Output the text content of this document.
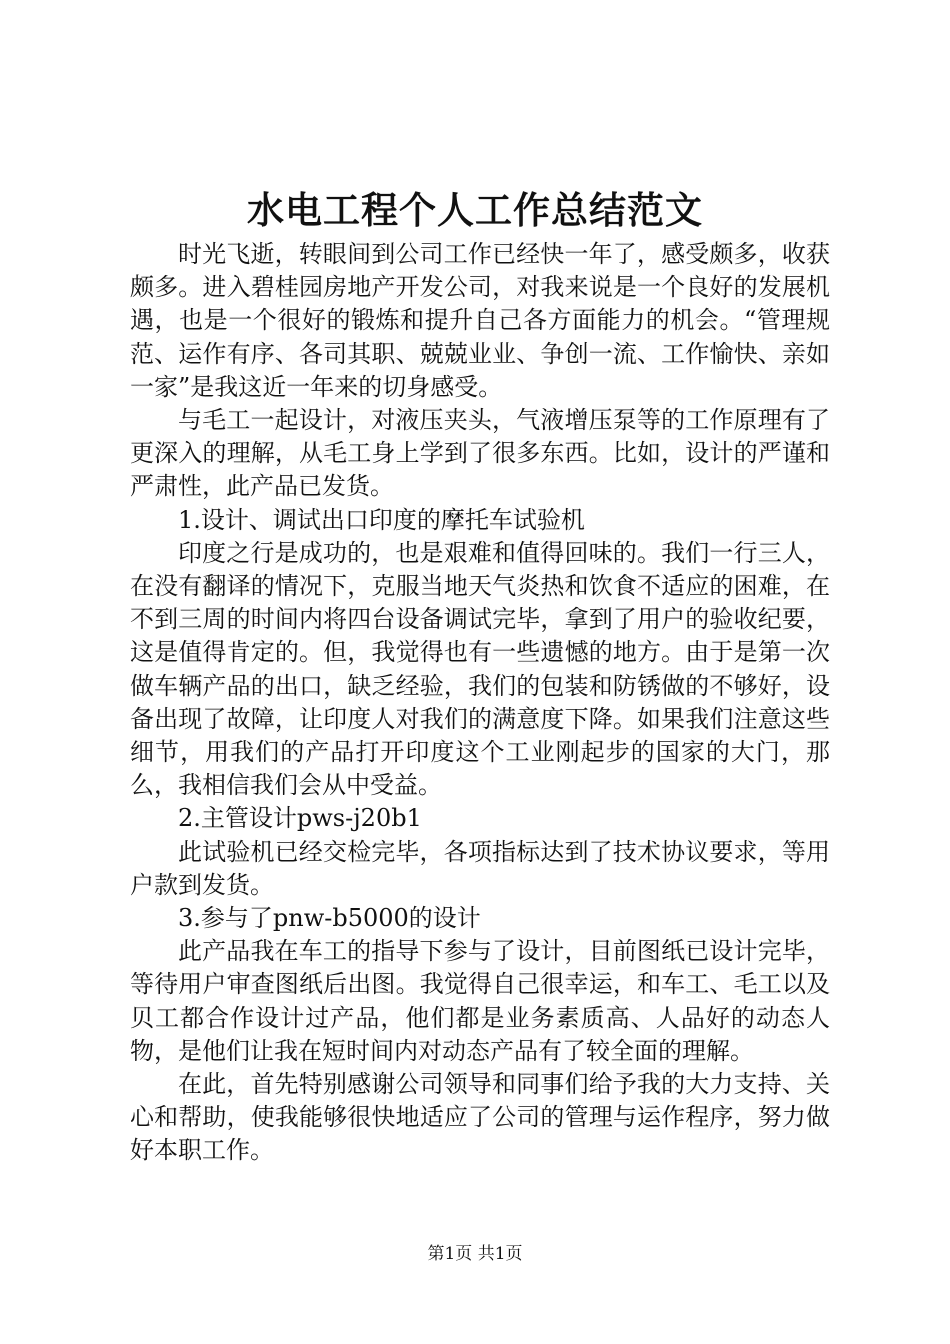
水电工程个人工作总结范文

时光飞逝，转眼间到公司工作已经快一年了，感受颇多，收获颇多。进入碧桂园房地产开发公司，对我来说是一个良好的发展机遇，也是一个很好的锻炼和提升自己各方面能力的机会。“管理规范、运作有序、各司其职、兢兢业业、争创一流、工作愉快、亲如一家”是我这近一年来的切身感受。

与毛工一起设计，对液压夹头，气液增压泵等的工作原理有了更深入的理解，从毛工身上学到了很多东西。比如，设计的严谨和严肃性，此产品已发货。

1.设计、调试出口印度的摩托车试验机

印度之行是成功的，也是艰难和值得回味的。我们一行三人，在没有翻译的情况下，克服当地天气炎热和饮食不适应的困难，在不到三周的时间内将四台设备调试完毕，拿到了用户的验收纪要，这是值得肯定的。但，我觉得也有一些遗憾的地方。由于是第一次做车辆产品的出口，缺乏经验，我们的包装和防锈做的不够好，设备出现了故障，让印度人对我们的满意度下降。如果我们注意这些细节，用我们的产品打开印度这个工业刚起步的国家的大门，那么，我相信我们会从中受益。

2.主管设计pws-j20b1

此试验机已经交检完毕，各项指标达到了技术协议要求，等用户款到发货。

3.参与了pnw-b5000的设计

此产品我在车工的指导下参与了设计，目前图纸已设计完毕，等待用户审查图纸后出图。我觉得自己很幸运，和车工、毛工以及贝工都合作设计过产品，他们都是业务素质高、人品好的动态人物，是他们让我在短时间内对动态产品有了较全面的理解。

在此，首先特别感谢公司领导和同事们给予我的大力支持、关心和帮助，使我能够很快地适应了公司的管理与运作程序，努力做好本职工作。

第1页 共1页
